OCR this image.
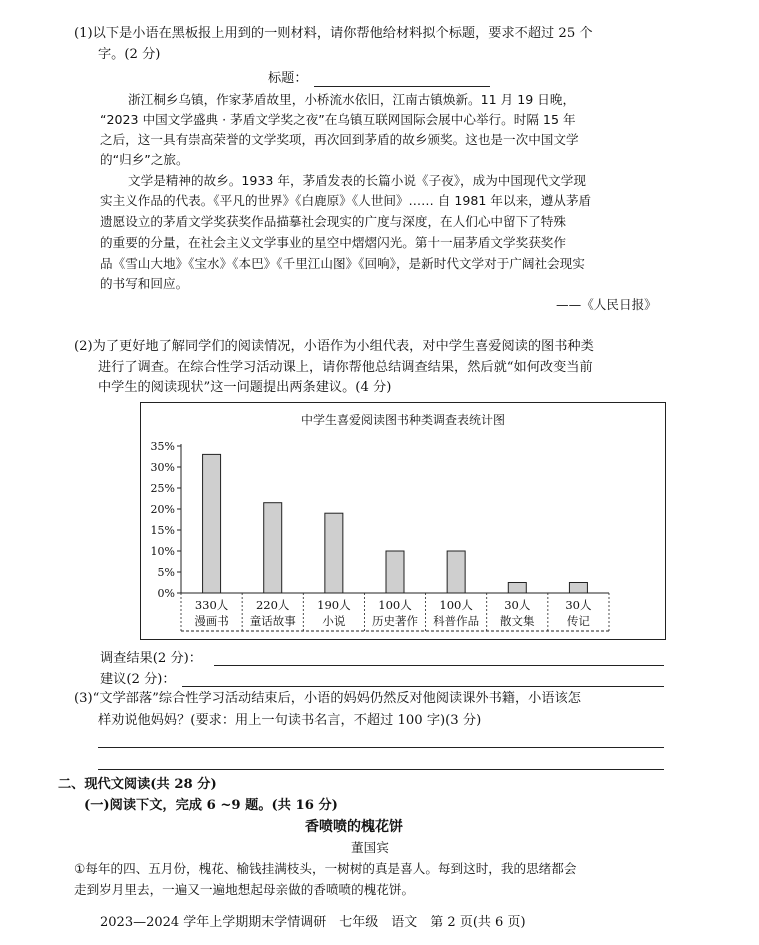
(1)以下是小语在黑板报上用到的一则材料，请你帮他给材料拟个标题，要求不超过 25 个
字。(2 分)
标题：
浙江桐乡乌镇，作家茅盾故里，小桥流水依旧，江南古镇焕新。11 月 19 日晚，
“2023 中国文学盛典 · 茅盾文学奖之夜”在乌镇互联网国际会展中心举行。时隔 15 年
之后，这一具有崇高荣誉的文学奖项，再次回到茅盾的故乡颁奖。这也是一次中国文学
的“归乡”之旅。
文学是精神的故乡。1933 年，茅盾发表的长篇小说《子夜》，成为中国现代文学现
实主义作品的代表。《平凡的世界》《白鹿原》《人世间》…… 自 1981 年以来，遵从茅盾
遗愿设立的茅盾文学奖获奖作品描摹社会现实的广度与深度，在人们心中留下了特殊
的重要的分量，在社会主义文学事业的星空中熠熠闪光。第十一届茅盾文学奖获奖作
品《雪山大地》《宝水》《本巴》《千里江山图》《回响》，是新时代文学对于广阔社会现实
的书写和回应。
——《人民日报》
(2)为了更好地了解同学们的阅读情况，小语作为小组代表，对中学生喜爱阅读的图书种类
进行了调查。在综合性学习活动课上，请你帮他总结调查结果，然后就“如何改变当前
中学生的阅读现状”这一问题提出两条建议。(4 分)
中学生喜爱阅读图书种类调查表统计图
0%
5%
10%
15%
20%
25%
30%
35%
330人
漫画书
220人
童话故事
190人
小说
100人
历史著作
100人
科普作品
30人
散文集
30人
传记
调查结果(2 分)：
建议(2 分)：
(3)“文学部落”综合性学习活动结束后，小语的妈妈仍然反对他阅读课外书籍，小语该怎
样劝说他妈妈？(要求：用上一句读书名言，不超过 100 字)(3 分)
二、现代文阅读(共 28 分)
(一)阅读下文，完成 6 ~9 题。(共 16 分)
香喷喷的槐花饼
董国宾
①每年的四、五月份，槐花、榆钱挂满枝头，一树树的真是喜人。每到这时，我的思绪都会
走到岁月里去，一遍又一遍地想起母亲做的香喷喷的槐花饼。
2023—2024 学年上学期期末学情调研　七年级　语文　第 2 页(共 6 页)
